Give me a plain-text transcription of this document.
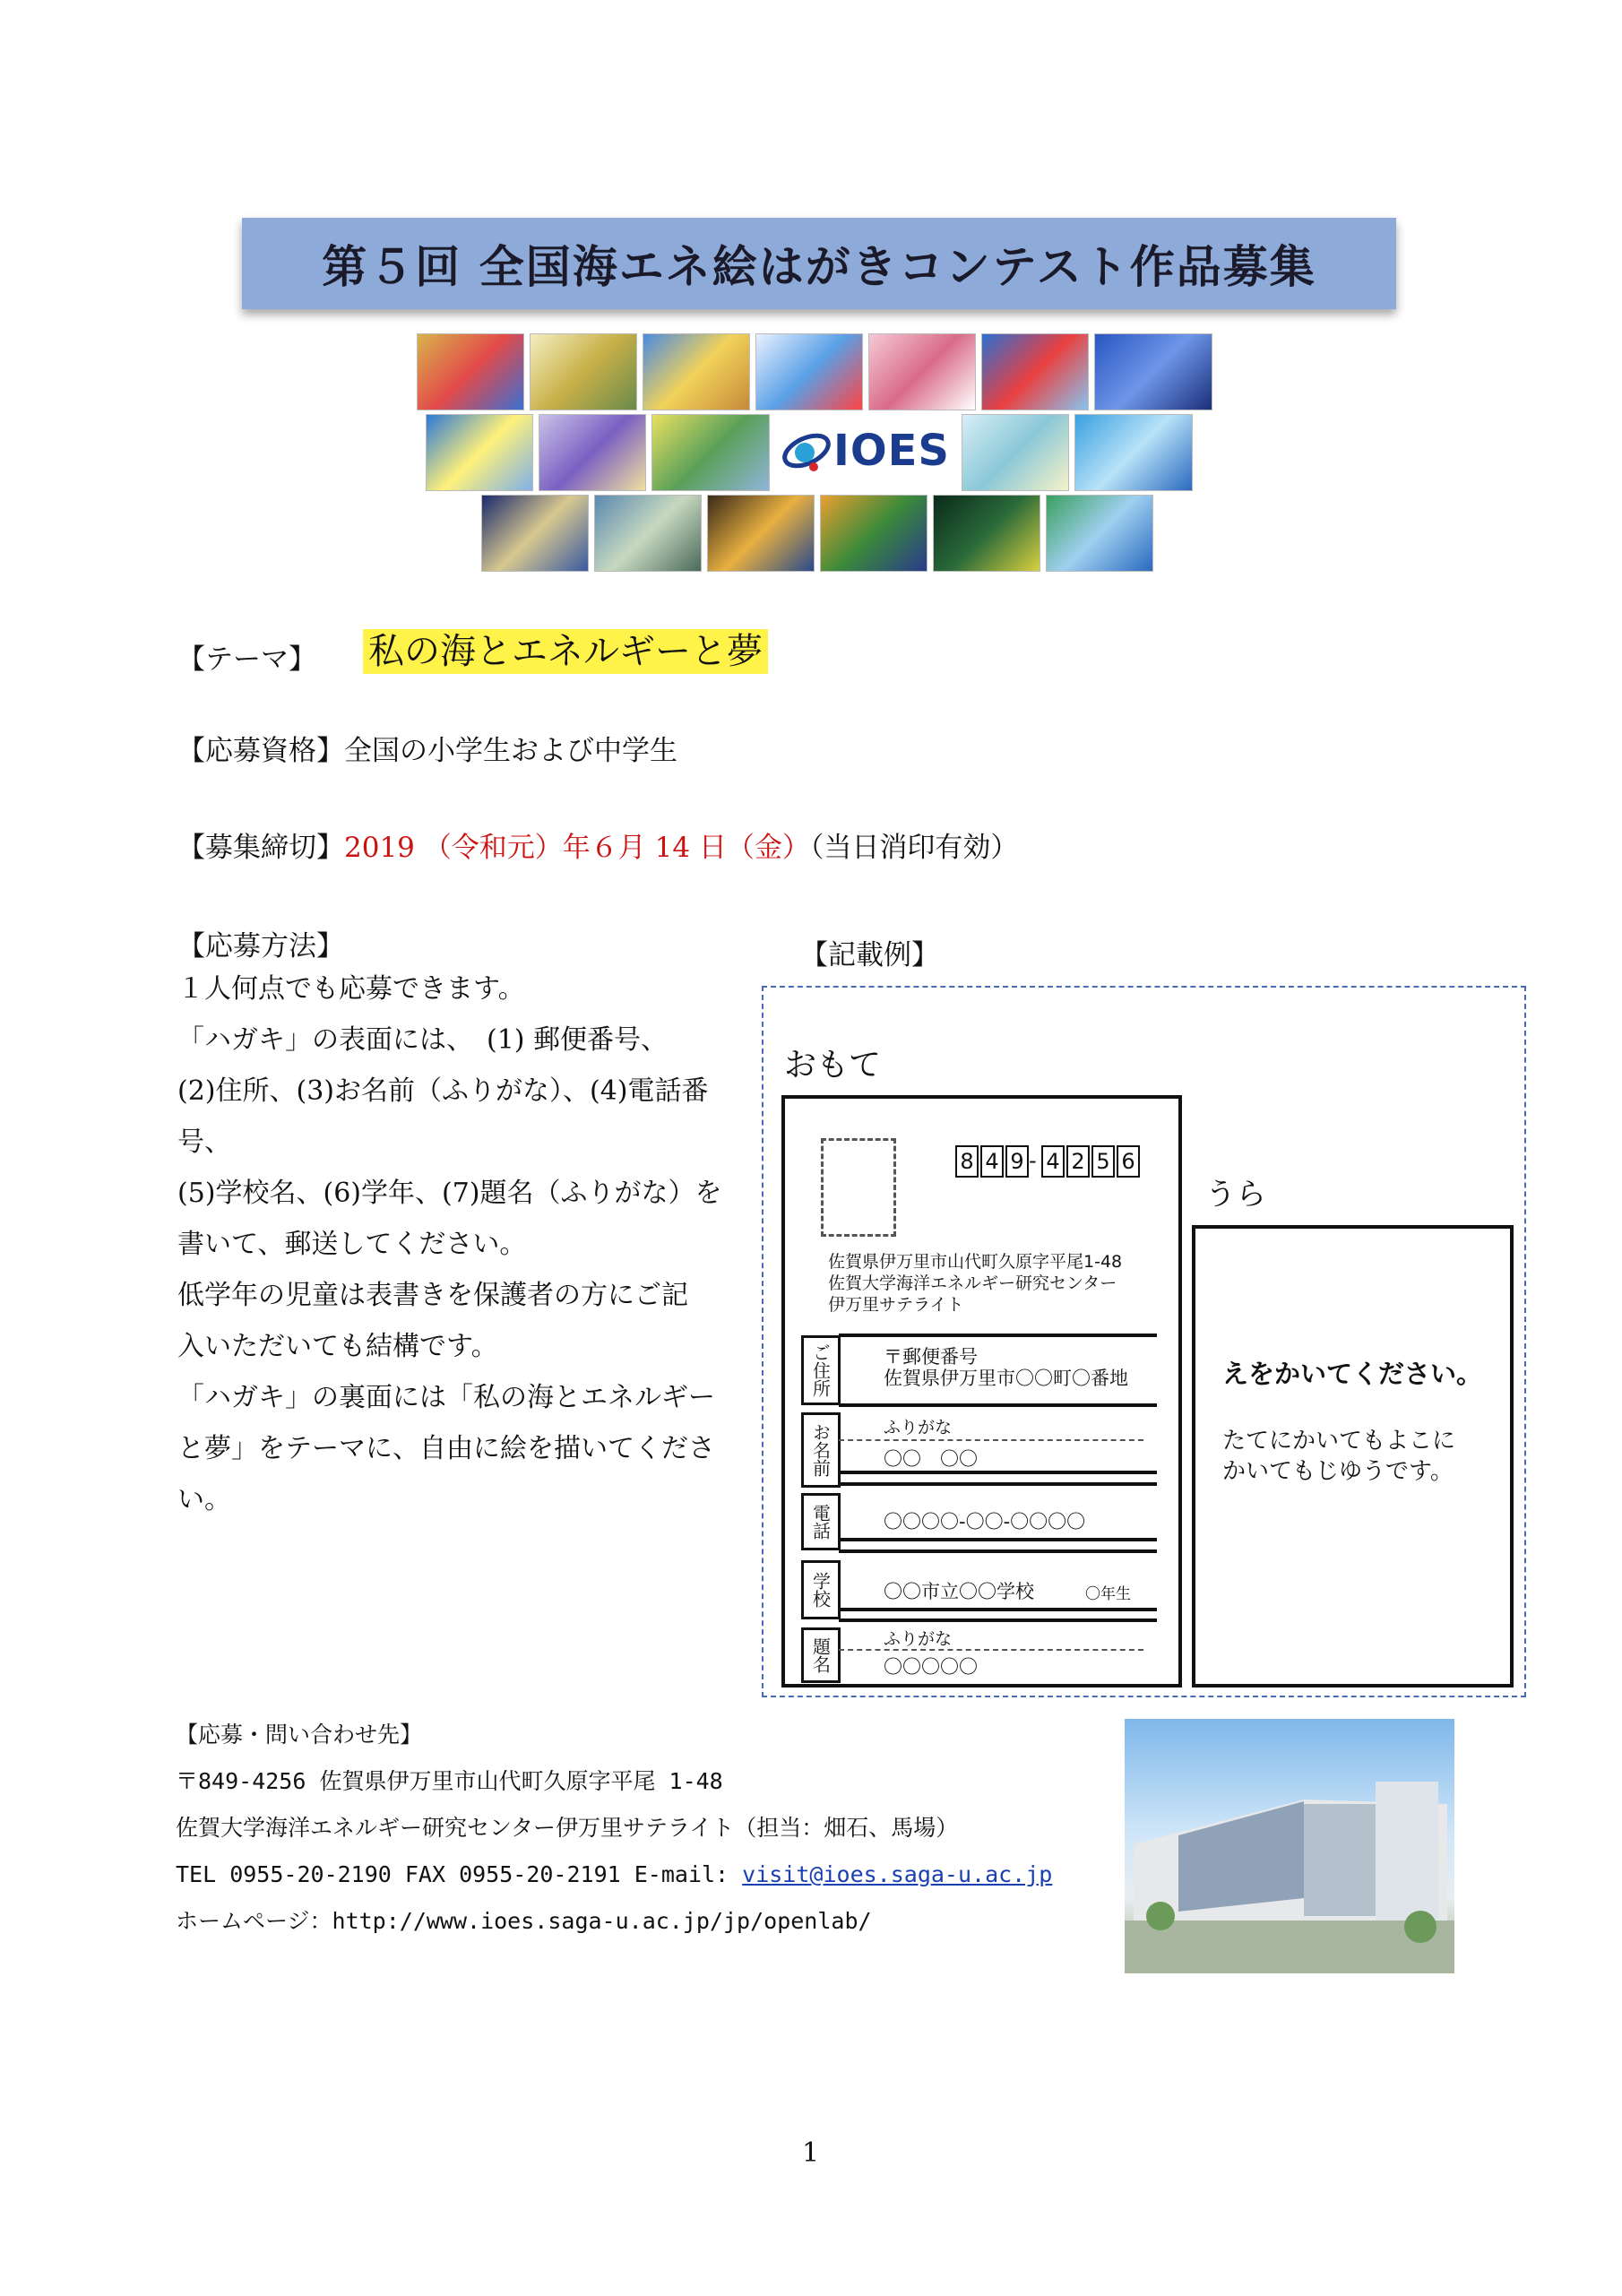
第５回 全国海エネ絵はがきコンテスト作品募集
IOES
【テーマ】 私の海とエネルギーと夢
【応募資格】全国の小学生および中学生
【募集締切】2019 （令和元）年６月 14 日（金）（当日消印有効）
【応募方法】
１人何点でも応募できます。
「ハガキ」の表面には、　(1) 郵便番号、
(2)住所、(3)お名前（ふりがな）、(4)電話番号、
(5)学校名、(6)学年、(7)題名（ふりがな）を
書いて、郵送してください。
低学年の児童は表書きを保護者の方にご記
入いただいても結構です。
「ハガキ」の裏面には「私の海とエネルギー
と夢」をテーマに、自由に絵を描いてくださ
い。
【記載例】
おもて
うら
8 4 9 - 4 2 5 6
佐賀県伊万里市山代町久原字平尾1-48
佐賀大学海洋エネルギー研究センター
伊万里サテライト
ご住所	〒郵便番号
佐賀県伊万里市〇〇町〇番地
お名前	ふりがな
〇〇　〇〇
電話	〇〇〇〇-〇〇-〇〇〇〇
学校	〇〇市立〇〇学校	〇年生
題名	ふりがな
〇〇〇〇〇
えをかいてください。
たてにかいてもよこに
かいてもじゆうです。
【応募・問い合わせ先】
〒849-4256 佐賀県伊万里市山代町久原字平尾 1-48
佐賀大学海洋エネルギー研究センター伊万里サテライト（担当：畑石、馬場）
TEL 0955-20-2190 FAX 0955-20-2191 E-mail: visit@ioes.saga-u.ac.jp
ホームページ：http://www.ioes.saga-u.ac.jp/jp/openlab/
1
